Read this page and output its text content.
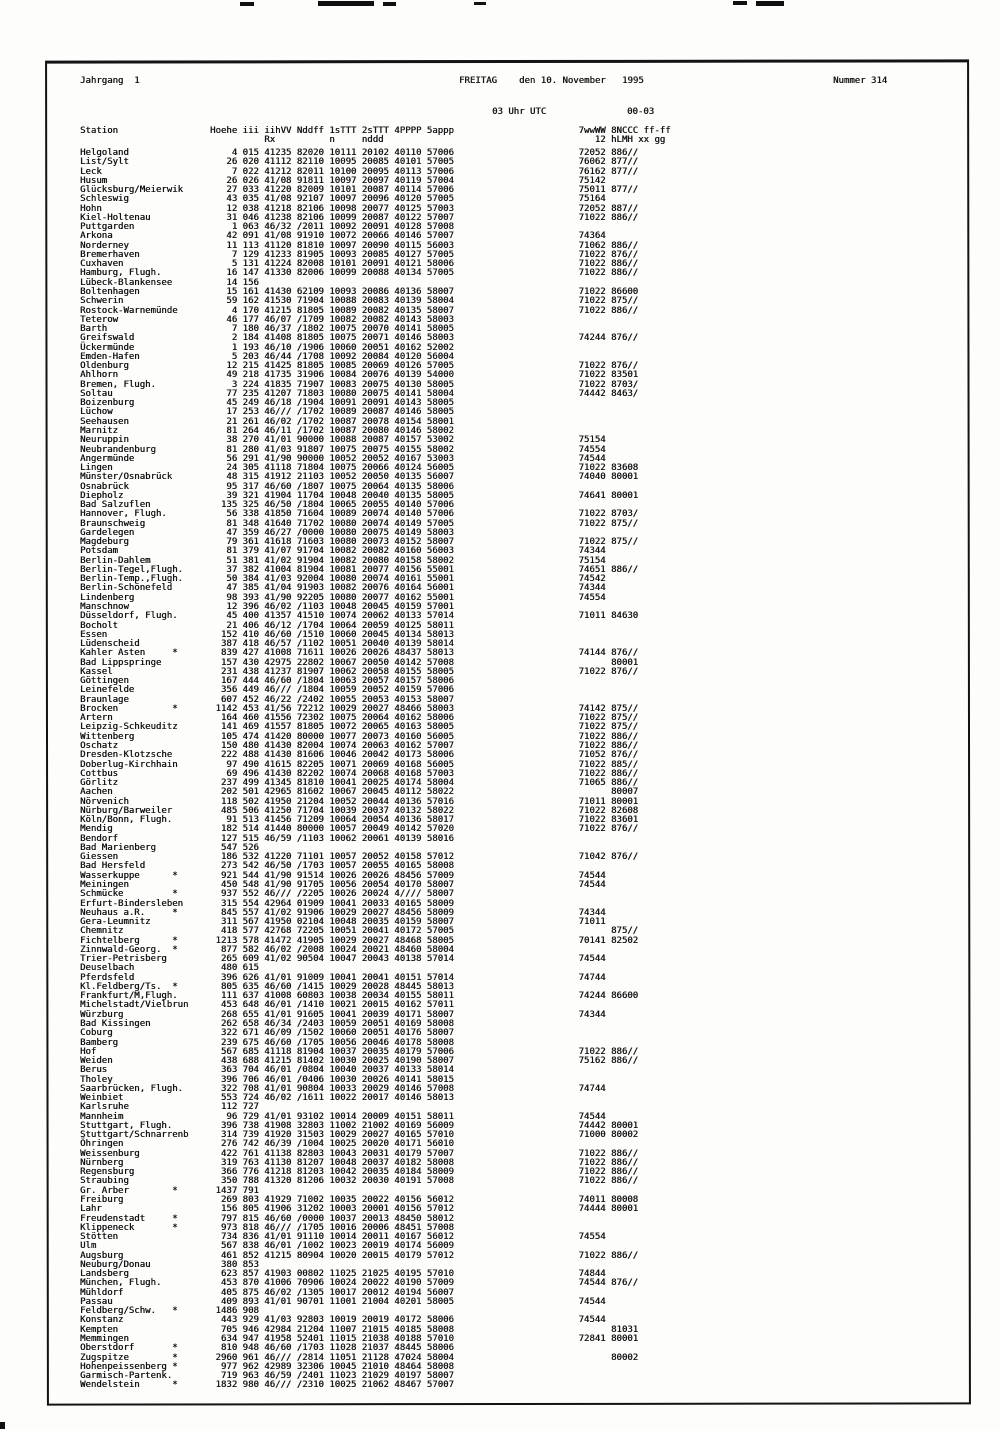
Jahrgang  1	FREITAG den 10. November 1995	Nummer 314
03 Uhr UTC	00-03
Station                 Hoehe iii iihVV Nddff 1sTTT 2sTTT 4PPPP 5appp                       7wwWW 8NCCC ff-ff
Rx          n     nddd                                       12 hLMH xx gg
Helgoland                   4 015 41235 82020 10111 20102 40110 57006                       72052 886//
List/Sylt                  26 020 41112 82110 10095 20085 40101 57005                       76062 877//
Leck                        7 022 41212 82011 10100 20095 40113 57006                       76162 877//
Husum                      26 026 41/08 91811 10097 20097 40119 57004                       75142
Glücksburg/Meierwik        27 033 41220 82009 10101 20087 40114 57006                       75011 877//
Schleswig                  43 035 41/08 92107 10097 20096 40120 57005                       75164
Hohn                       12 038 41218 82106 10098 20077 40125 57003                       72052 887//
Kiel-Holtenau              31 046 41238 82106 10099 20087 40122 57007                       71022 886//
Puttgarden                  1 063 46/32 /2011 10092 20091 40128 57008
Arkona                     42 091 41/08 91910 10072 20066 40146 57007                       74364
Norderney                  11 113 41120 81810 10097 20090 40115 56003                       71062 886//
Bremerhaven                 7 129 41233 81905 10093 20085 40127 57005                       71022 876//
Cuxhaven                    5 131 41224 82008 10101 20091 40121 58006                       71022 886//
Hamburg, Flugh.            16 147 41330 82006 10099 20088 40134 57005                       71022 886//
Lübeck-Blankensee          14 156
Boltenhagen                15 161 41430 62109 10093 20086 40136 58007                       71022 86600
Schwerin                   59 162 41530 71904 10088 20083 40139 58004                       71022 875//
Rostock-Warnemünde          4 170 41215 81805 10089 20082 40135 58007                       71022 886//
Teterow                    46 177 46/07 /1709 10082 20082 40143 58003
Barth                       7 180 46/37 /1802 10075 20070 40141 58005
Greifswald                  2 184 41408 81805 10075 20071 40146 58003                       74244 876//
Ückermünde                  1 193 46/10 /1906 10060 20051 40162 52002
Emden-Hafen                 5 203 46/44 /1708 10092 20084 40120 56004
Oldenburg                  12 215 41425 81805 10085 20069 40126 57005                       71022 876//
Ahlhorn                    49 218 41735 31906 10084 20076 40139 54000                       71022 83501
Bremen, Flugh.              3 224 41835 71907 10083 20075 40130 58005                       71022 8703/
Soltau                     77 235 41207 71803 10080 20075 40141 58004                       74442 8463/
Boizenburg                 45 249 46/18 /1904 10091 20091 40143 58005
Lüchow                     17 253 46/// /1702 10089 20087 40146 58005
Seehausen                  21 261 46/02 /1702 10087 20078 40154 58001
Marnitz                    81 264 46/11 /1702 10087 20080 40146 58002
Neuruppin                  38 270 41/01 90000 10088 20087 40157 53002                       75154
Neubrandenburg             81 280 41/03 91807 10075 20075 40155 58002                       74554
Angermünde                 56 291 41/90 90000 10052 20052 40167 53003                       74544
Lingen                     24 305 41118 71804 10075 20066 40124 56005                       71022 83608
Münster/Osnabrück          48 315 41912 21103 10052 20050 40135 56007                       74040 80001
Osnabrück                  95 317 46/60 /1807 10075 20064 40135 58006
Diepholz                   39 321 41904 11704 10048 20040 40135 58005                       74641 80001
Bad Salzuflen             135 325 46/50 /1804 10065 20055 40140 57006
Hannover, Flugh.           56 338 41850 71604 10089 20074 40140 57006                       71022 8703/
Braunschweig               81 348 41640 71702 10080 20074 40149 57005                       71022 875//
Gardelegen                 47 359 46/27 /0000 10080 20075 40149 58003
Magdeburg                  79 361 41618 71603 10080 20073 40152 58007                       71022 875//
Potsdam                    81 379 41/07 91704 10082 20082 40160 56003                       74344
Berlin-Dahlem              51 381 41/02 91904 10082 20080 40158 58002                       75154
Berlin-Tegel,Flugh.        37 382 41004 81904 10081 20077 40156 55001                       74651 886//
Berlin-Temp.,Flugh.        50 384 41/03 92004 10080 20074 40161 55001                       74542
Berlin-Schönefeld          47 385 41/04 91903 10082 20076 40164 56001                       74344
Lindenberg                 98 393 41/90 92205 10080 20077 40162 55001                       74554
Manschnow                  12 396 46/02 /1103 10048 20045 40159 57001
Düsseldorf, Flugh.         45 400 41357 41510 10074 20062 40133 57014                       71011 84630
Bocholt                    21 406 46/12 /1704 10064 20059 40125 58011
Essen                     152 410 46/60 /1510 10060 20045 40134 58013
Lüdenscheid               387 418 46/57 /1102 10051 20040 40139 58014
Kahler Asten     *        839 427 41008 71611 10026 20026 48437 58013                       74144 876//
Bad Lippspringe           157 430 42975 22802 10067 20050 40142 57008                             80001
Kassel                    231 438 41237 81907 10062 20058 40155 58005                       71022 876//
Göttingen                 167 444 46/60 /1804 10063 20057 40157 58006
Leinefelde                356 449 46/// /1804 10059 20052 40159 57006
Braunlage                 607 452 46/22 /2402 10055 20053 40153 58007
Brocken          *       1142 453 41/56 72212 10029 20027 48466 58003                       74142 875//
Artern                    164 460 41556 72302 10075 20064 40162 58006                       71022 875//
Leipzig-Schkeuditz        141 469 41557 81805 10072 20065 40163 58005                       71022 875//
Wittenberg                105 474 41420 80000 10077 20073 40160 56005                       71022 886//
Oschatz                   150 480 41430 82004 10074 20063 40162 57007                       71022 886//
Dresden-Klotzsche         222 488 41430 81606 10046 20042 40173 58006                       71052 876//
Doberlug-Kirchhain         97 490 41615 82205 10071 20069 40168 56005                       71022 885//
Cottbus                    69 496 41430 82202 10074 20068 40168 57003                       71022 886//
Görlitz                   237 499 41345 81810 10041 20025 40174 58004                       71065 886//
Aachen                    202 501 42965 81602 10067 20045 40112 58022                             80007
Nörvenich                 118 502 41950 21204 10052 20044 40136 57016                       71011 80001
Nürburg/Barweiler         485 506 41250 71704 10039 20037 40132 58022                       71022 82608
Köln/Bonn, Flugh.          91 513 41456 71209 10064 20054 40136 58017                       71022 83601
Mendig                    182 514 41440 80000 10057 20049 40142 57020                       71022 876//
Bendorf                   127 515 46/59 /1103 10062 20061 40139 58016
Bad Marienberg            547 526
Giessen                   186 532 41220 71101 10057 20052 40158 57012                       71042 876//
Bad Hersfeld              273 542 46/50 /1703 10057 20055 40165 58008
Wasserkuppe      *        921 544 41/90 91514 10026 20026 48456 57009                       74544
Meiningen                 450 548 41/90 91705 10056 20054 40170 58007                       74544
Schmücke         *        937 552 46/// /2205 10026 20024 4//// 58007
Erfurt-Bindersleben       315 554 42964 01909 10041 20033 40165 58009
Neuhaus a.R.     *        845 557 41/02 91906 10029 20027 48456 58009                       74344
Gera-Leumnitz             311 567 41950 02104 10048 20035 40159 58007                       71011
Chemnitz                  418 577 42768 72205 10051 20041 40172 57005                             875//
Fichtelberg      *       1213 578 41472 41905 10029 20027 48468 58005                       70141 82502
Zinnwald-Georg.  *        877 582 46/02 /2008 10024 20021 48460 58004
Trier-Petrisberg          265 609 41/02 90504 10047 20043 40138 57014                       74544
Deuselbach                480 615
Pferdsfeld                396 626 41/01 91009 10041 20041 40151 57014                       74744
Kl.Feldberg/Ts.  *        805 635 46/60 /1415 10029 20028 48445 58013
Frankfurt/M,Flugh.        111 637 41008 60803 10038 20034 40155 58011                       74244 86600
Michelstadt/Vielbrun      453 648 46/01 /1410 10021 20015 40162 57011
Würzburg                  268 655 41/01 91605 10041 20039 40171 58007                       74344
Bad Kissingen             262 658 46/34 /2403 10059 20051 40169 58008
Coburg                    322 671 46/09 /1502 10060 20051 40176 58007
Bamberg                   239 675 46/60 /1705 10056 20046 40178 58008
Hof                       567 685 41118 81904 10037 20035 40179 57006                       71022 886//
Weiden                    438 688 41215 81402 10030 20025 40190 58007                       75162 886//
Berus                     363 704 46/01 /0804 10040 20037 40133 58014
Tholey                    396 706 46/01 /0406 10030 20026 40141 58015
Saarbrücken, Flugh.       322 708 41/01 90804 10033 20029 40146 57008                       74744
Weinbiet                  553 724 46/02 /1611 10022 20017 40146 58013
Karlsruhe                 112 727
Mannheim                   96 729 41/01 93102 10014 20009 40151 58011                       74544
Stuttgart, Flugh.         396 738 41908 32803 11002 21002 40169 56009                       74442 80001
Stuttgart/Schnarrenb      314 739 41920 31503 10029 20027 40165 57010                       71000 80002
Öhringen                  276 742 46/39 /1004 10025 20020 40171 56010
Weissenburg               422 761 41138 82803 10043 20031 40179 57007                       71022 886//
Nürnberg                  319 763 41130 81207 10048 20037 40182 58008                       71022 886//
Regensburg                366 776 41218 81203 10042 20035 40184 58009                       71022 886//
Straubing                 350 788 41320 81206 10032 20030 40191 57008                       71022 886//
Gr. Arber        *       1437 791
Freiburg                  269 803 41929 71002 10035 20022 40156 56012                       74011 80008
Lahr                      156 805 41906 31202 10003 20001 40156 57012                       74444 80001
Freudenstadt     *        797 815 46/60 /0000 10037 20013 48450 58012
Klippeneck       *        973 818 46/// /1705 10016 20006 48451 57008
Stötten                   734 836 41/01 91110 10014 20011 40167 56012                       74554
Ulm                       567 838 46/01 /1002 10023 20019 40174 56009
Augsburg                  461 852 41215 80904 10020 20015 40179 57012                       71022 886//
Neuburg/Donau             380 853
Landsberg                 623 857 41903 00802 11025 21025 40195 57010                       74844
München, Flugh.           453 870 41006 70906 10024 20022 40190 57009                       74544 876//
Mühldorf                  405 875 46/02 /1305 10017 20012 40194 56007
Passau                    409 893 41/01 90701 11001 21004 40201 58005                       74544
Feldberg/Schw.   *       1486 908
Konstanz                  443 929 41/03 92803 10019 20019 40172 58006                       74544
Kempten                   705 946 42984 21204 11007 21015 40185 58008                             81031
Memmingen                 634 947 41958 52401 11015 21038 40188 57010                       72841 80001
Oberstdorf       *        810 948 46/60 /1703 11028 21037 48445 58006
Zugspitze        *       2960 961 46/// /2814 11051 21128 47024 58004                             80002
Hohenpeissenberg *        977 962 42989 32306 10045 21010 48464 58008
Garmisch-Partenk.         719 963 46/59 /2401 11023 21029 40197 58007
Wendelstein      *       1832 980 46/// /2310 10025 21062 48467 57007
